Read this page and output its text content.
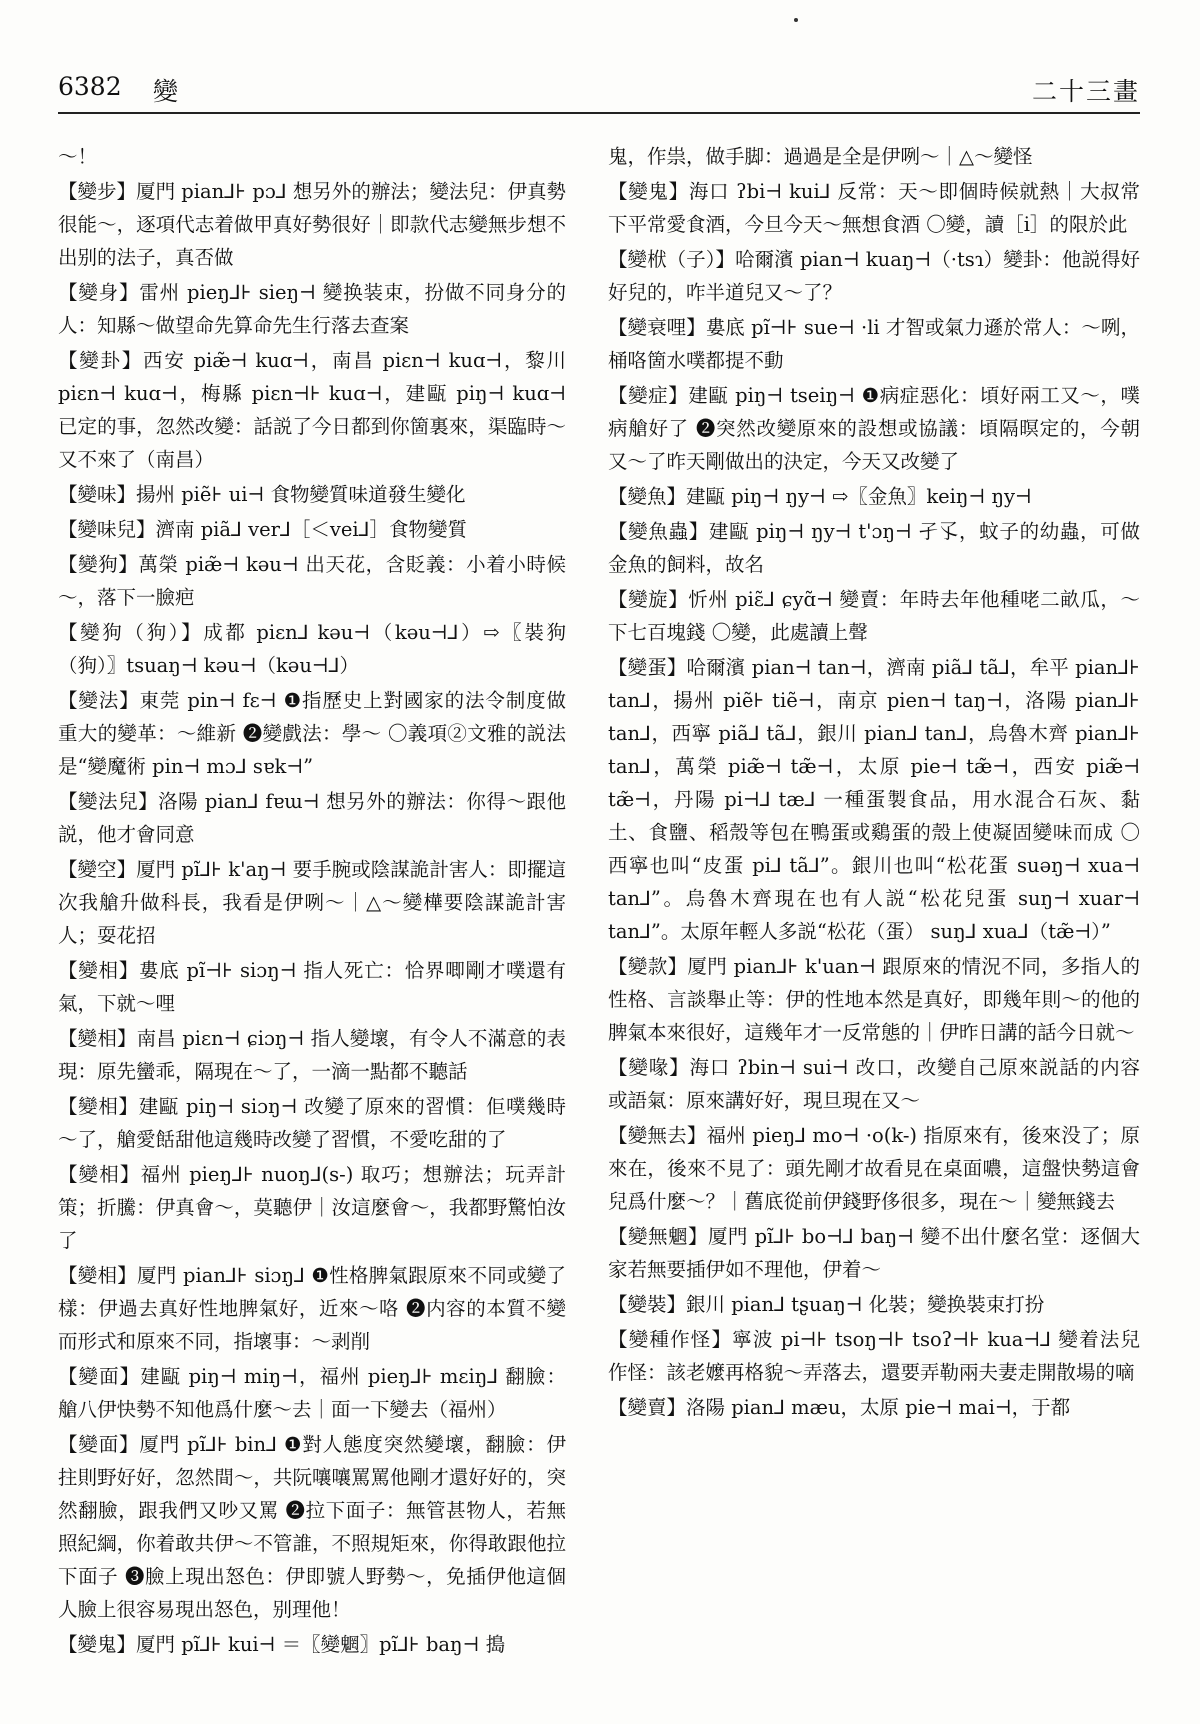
6382 變	二十三畫
～！
【變步】厦門 pian⅃⊦ pɔ⅃ 想另外的辦法；變法兒：伊真勢很能～，逐項代志着做甲真好勢很好｜即款代志變無步想不出别的法子，真否做
【變身】雷州 pieŋ⅃⊦ sieŋ⊣ 變换装束，扮做不同身分的人：知縣～做望命先算命先生行落去查案
【變卦】西安 piæ̃⊣ kuɑ⊣，南昌 piɛn⊣ kuɑ⊣，黎川 piɛn⊣ kuɑ⊣，梅縣 piɛn⊣⊦ kuɑ⊣，建甌 piŋ⊣ kuɑ⊣ 已定的事，忽然改變：話説了今日都到你箇裏來，渠臨時～又不來了（南昌）
【變味】揚州 piẽ⊦ ui⊣ 食物變質味道發生變化
【變味兒】濟南 piã⅃ ver⅃［＜vei⅃］食物變質
【變狗】萬榮 piæ̃⊣ kəu⊣ 出天花，含貶義：小着小時候～，落下一臉疤
【變狗（狗）】成都 piɛn⅃ kəu⊣（kəu⊣⅃）⇨〖裝狗（狗）〗tsuaŋ⊣ kəu⊣（kəu⊣⅃）
【變法】東莞 pin⊣ fɛ⊣ ❶指歷史上對國家的法令制度做重大的變革：～維新 ❷變戲法：學～ 〇義項②文雅的説法是“變魔術 pin⊣ mɔ⅃ sɐk⊣”
【變法兒】洛陽 pian⅃ fɐɯ⊣ 想另外的辦法：你得～跟他説，他才會同意
【變空】厦門 pĩ⅃⊦ k'aŋ⊣ 要手腕或陰謀詭計害人：即擺這次我艙升做科長，我看是伊咧～｜△～變樺要陰謀詭計害人；耍花招
【變相】婁底 pĩ⊣⊦ siɔŋ⊣ 指人死亡：恰界唧剛才噗還有氣，下就～哩
【變相】南昌 piɛn⊣ ɕiɔŋ⊣ 指人變壞，有令人不滿意的表現：原先蠻乖，隔現在～了，一滴一點都不聽話
【變相】建甌 piŋ⊣ siɔŋ⊣ 改變了原來的習慣：佢噗幾時～了，艙愛餂甜他這幾時改變了習慣，不愛吃甜的了
【變相】福州 pieŋ⅃⊦ nuoŋ⅃(s-) 取巧；想辦法；玩弄計策；折騰：伊真會～，莫聽伊｜汝這麼會～，我都野驚怕汝了
【變相】厦門 pian⅃⊦ siɔŋ⅃ ❶性格脾氣跟原來不同或變了樣：伊過去真好性地脾氣好，近來～咯 ❷内容的本質不變而形式和原來不同，指壞事：～剥削
【變面】建甌 piŋ⊣ miŋ⊣，福州 pieŋ⅃⊦ mɛiŋ⅃ 翻臉：艙八伊快勢不知他爲什麼～去｜面一下變去（福州）
【變面】厦門 pĩ⅃⊦ bin⅃ ❶對人態度突然變壞，翻臉：伊拄則野好好，忽然間～，共阮嚷嚷罵罵他剛才還好好的，突然翻臉，跟我們又吵又罵 ❷拉下面子：無管甚物人，若無照紀綱，你着敢共伊～不管誰，不照規矩來，你得敢跟他拉下面子 ❸臉上現出怒色：伊即號人野勢～，免插伊他這個人臉上很容易現出怒色，别理他！
【變鬼】厦門 pĩ⅃⊦ kui⊣ ＝〖變魍〗pĩ⅃⊦ baŋ⊣ 搗
鬼，作祟，做手脚：過過是全是伊咧～｜△～變怪
【變鬼】海口 ʔbi⊣ kui⅃ 反常：天～即個時候就熱｜大叔常下平常愛食酒，今旦今天～無想食酒 〇變，讀［i］的限於此
【變栿（子）】哈爾濱 pian⊣ kuaŋ⊣（·tsɿ）變卦：他説得好好兒的，咋半道兒又～了？
【變衰哩】婁底 pĩ⊣⊦ sue⊣ ·li 才智或氣力遜於常人：～咧，桶咯箇水噗都提不動
【變症】建甌 piŋ⊣ tseiŋ⊣ ❶病症惡化：頃好兩工又～，噗病艙好了 ❷突然改變原來的設想或協議：頃隔暝定的，今朝又～了昨天剛做出的決定，今天又改變了
【變魚】建甌 piŋ⊣ ŋy⊣ ⇨〖金魚〗keiŋ⊣ ŋy⊣
【變魚蟲】建甌 piŋ⊣ ŋy⊣ t'ɔŋ⊣ 孑孓，蚊子的幼蟲，可做金魚的飼料，故名
【變旋】忻州 piɛ̃⅃ ɕyɑ̃⊣ 變賣：年時去年他種咾二畝瓜，～下七百塊錢 〇變，此處讀上聲
【變蛋】哈爾濱 pian⊣ tan⊣，濟南 piã⅃ tã⅃，牟平 pian⅃⊦ tan⅃，揚州 piẽ⊦ tiẽ⊣，南京 pien⊣ taŋ⊣，洛陽 pian⅃⊦ tan⅃，西寧 piã⅃ tã⅃，銀川 pian⅃ tan⅃，烏魯木齊 pian⅃⊦ tan⅃，萬榮 piæ̃⊣ tæ̃⊣，太原 pie⊣ tæ̃⊣，西安 piæ̃⊣ tæ̃⊣，丹陽 pi⊣⅃ tæ⅃ 一種蛋製食品，用水混合石灰、黏土、食鹽、稻殼等包在鴨蛋或鷄蛋的殼上使凝固變味而成 〇西寧也叫“皮蛋 pi⅃ tã⅃”。銀川也叫“松花蛋 suəŋ⊣ xua⊣ tan⅃”。烏魯木齊現在也有人説“松花兒蛋 suŋ⊣ xuar⊣ tan⅃”。太原年輕人多説“松花（蛋） suŋ⅃ xua⅃（tæ̃⊣）”
【變款】厦門 pian⅃⊦ k'uan⊣ 跟原來的情況不同，多指人的性格、言談舉止等：伊的性地本然是真好，即幾年則～的他的脾氣本來很好，這幾年才一反常態的｜伊昨日講的話今日就～
【變喙】海口 ʔbin⊣ sui⊣ 改口，改變自己原來説話的内容或語氣：原來講好好，現旦現在又～
【變無去】福州 pieŋ⅃ mo⊣ ·o(k-) 指原來有，後來没了；原來在，後來不見了：頭先剛才故看見在桌面噥，這盤快勢這會兒爲什麼～？｜舊底從前伊錢野侈很多，現在～｜變無錢去
【變無魍】厦門 pĩ⅃⊦ bo⊣⅃ baŋ⊣ 變不出什麼名堂：逐個大家若無要插伊如不理他，伊着～
【變裝】銀川 pian⅃ tʂuaŋ⊣ 化裝；變换裝束打扮
【變種作怪】寧波 pi⊣⊦ tsoŋ⊣⊦ tsoʔ⊣⊦ kua⊣⅃ 變着法兒作怪：該老嬤再格貌～弄落去，還要弄勒兩夫妻走開散場的嘀
【變賣】洛陽 pian⅃ mæu，太原 pie⊣ mai⊣，于都
